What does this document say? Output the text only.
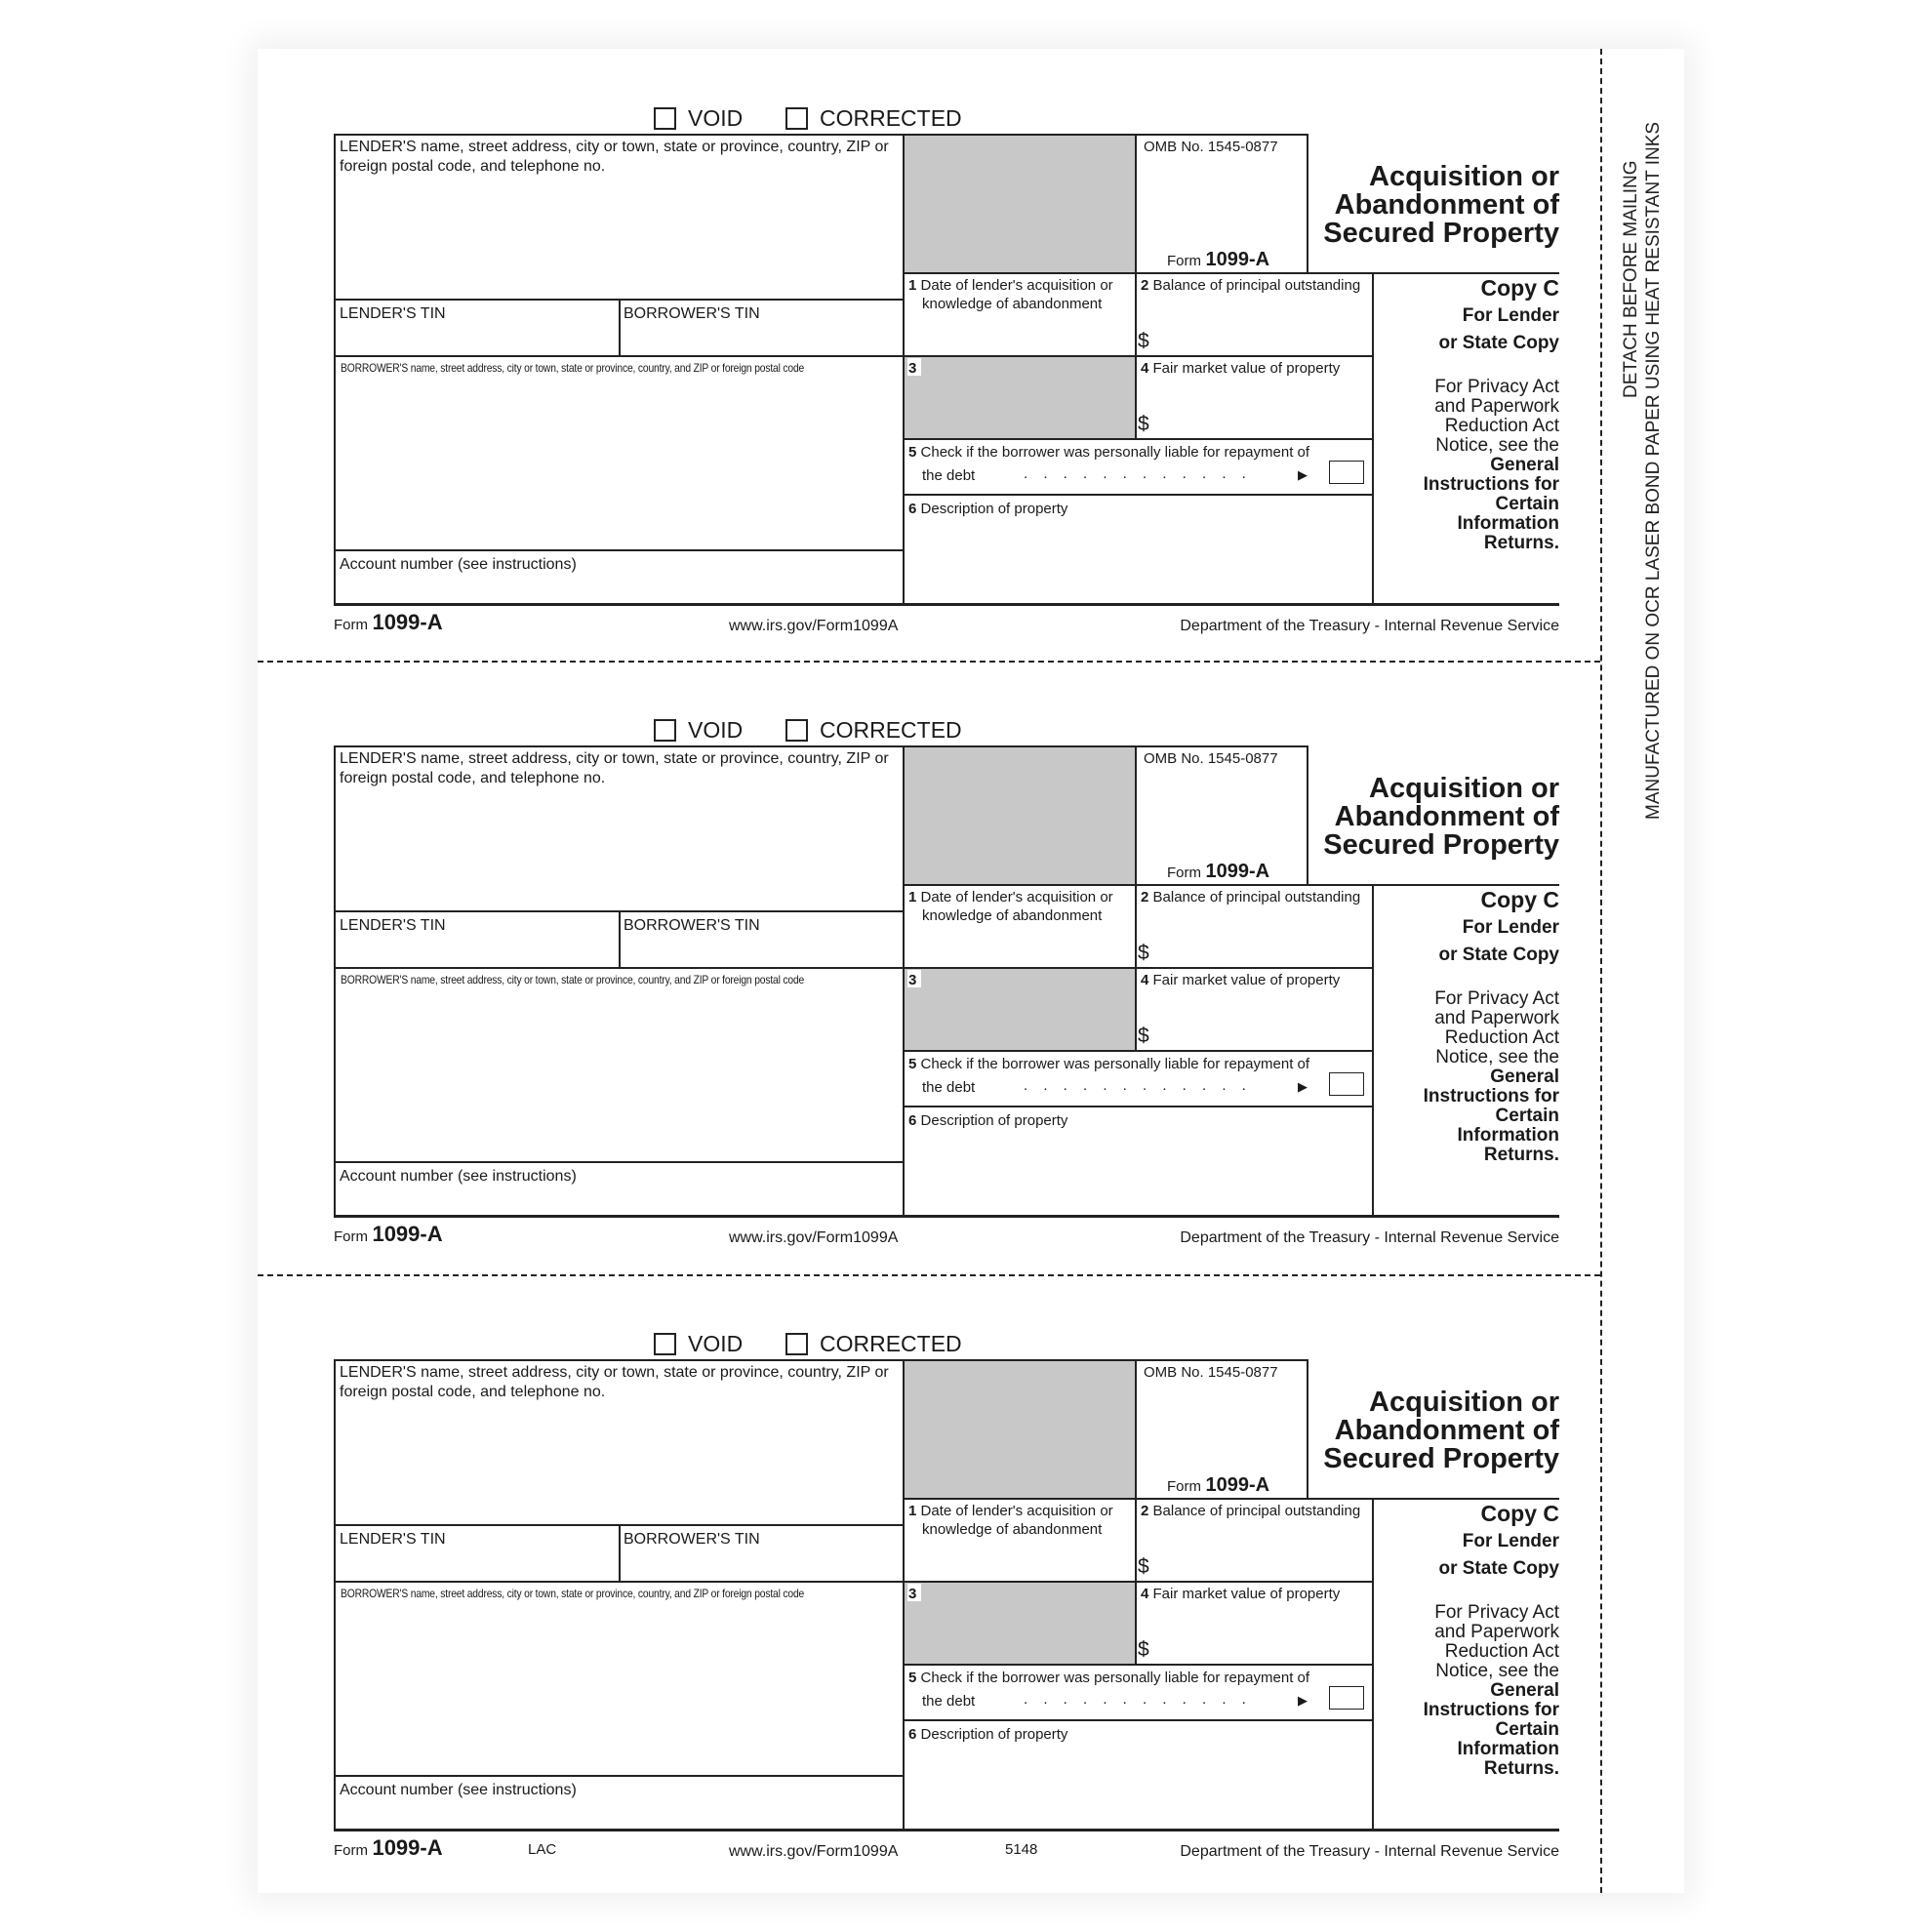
DETACH BEFORE MAILING MANUFACTURED ON OCR LASER BOND PAPER USING HEAT RESISTANT INKS
VOID	CORRECTED
LENDER'S name, street address, city or town, state or province, country, ZIP or foreign postal code, and telephone no.
OMB No. 1545-0877
Form 1099-A
Acquisition or
Abandonment of
Secured Property
LENDER'S TIN	BORROWER'S TIN
BORROWER'S name, street address, city or town, state or province, country, and ZIP or foreign postal code
Account number (see instructions)
1 Date of lender's acquisition or knowledge of abandonment
2 Balance of principal outstanding
$
3	4 Fair market value of property
$
5 Check if the borrower was personally liable for repayment of
the debt	. . . . . . . . . . . .	▶
6 Description of property
Copy C
For Lender
or State Copy
For Privacy Act
and Paperwork
Reduction Act
Notice, see the
General
Instructions for
Certain
Information
Returns.
Form 1099-A	www.irs.gov/Form1099A	Department of the Treasury - Internal Revenue Service
VOID	CORRECTED
LENDER'S name, street address, city or town, state or province, country, ZIP or foreign postal code, and telephone no.
OMB No. 1545-0877
Form 1099-A
Acquisition or
Abandonment of
Secured Property
LENDER'S TIN	BORROWER'S TIN
BORROWER'S name, street address, city or town, state or province, country, and ZIP or foreign postal code
Account number (see instructions)
1 Date of lender's acquisition or knowledge of abandonment
2 Balance of principal outstanding
$
3	4 Fair market value of property
$
5 Check if the borrower was personally liable for repayment of
the debt	. . . . . . . . . . . .	▶
6 Description of property
Copy C
For Lender
or State Copy
For Privacy Act
and Paperwork
Reduction Act
Notice, see the
General
Instructions for
Certain
Information
Returns.
Form 1099-A	www.irs.gov/Form1099A	Department of the Treasury - Internal Revenue Service
LAC	5148
VOID	CORRECTED
LENDER'S name, street address, city or town, state or province, country, ZIP or foreign postal code, and telephone no.
OMB No. 1545-0877
Form 1099-A
Acquisition or
Abandonment of
Secured Property
LENDER'S TIN	BORROWER'S TIN
BORROWER'S name, street address, city or town, state or province, country, and ZIP or foreign postal code
Account number (see instructions)
1 Date of lender's acquisition or knowledge of abandonment
2 Balance of principal outstanding
$
3	4 Fair market value of property
$
5 Check if the borrower was personally liable for repayment of
the debt	. . . . . . . . . . . .	▶
6 Description of property
Copy C
For Lender
or State Copy
For Privacy Act
and Paperwork
Reduction Act
Notice, see the
General
Instructions for
Certain
Information
Returns.
Form 1099-A	www.irs.gov/Form1099A	Department of the Treasury - Internal Revenue Service
